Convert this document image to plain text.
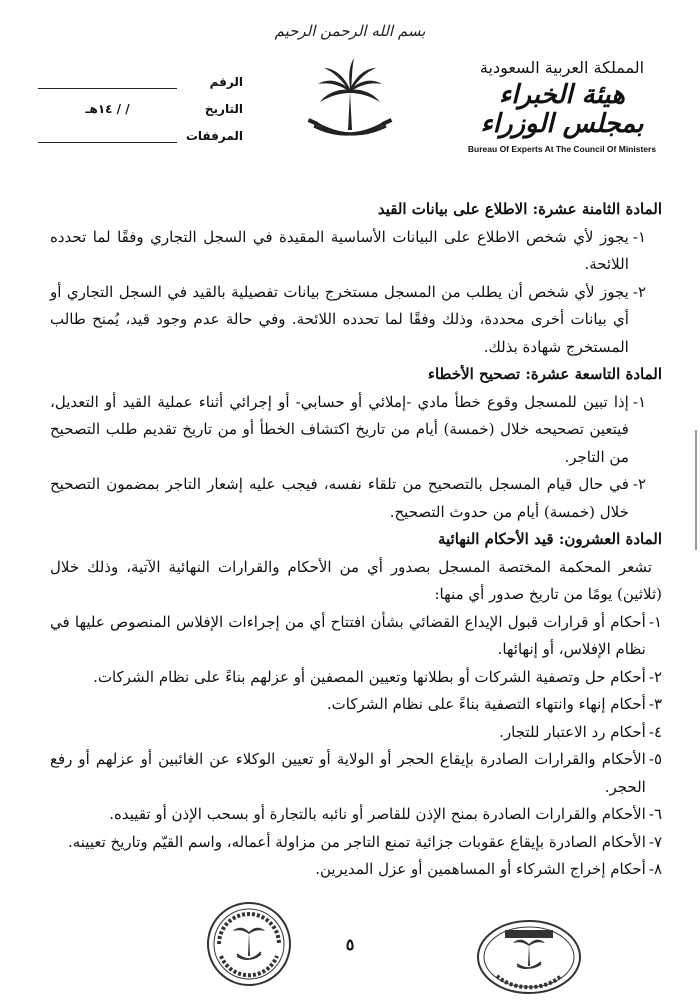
بسم الله الرحمن الرحيم
الرقم
التاريخ
/ / ١٤هـ
المرفقات
المملكة العربية السعودية
هيئة الخبراء بمجلس الوزراء
Bureau Of Experts At The Council Of Ministers

المادة الثامنة عشرة: الاطلاع على بيانات القيد

١-
يجوز لأي شخص الاطلاع على البيانات الأساسية المقيدة في السجل التجاري وفقًا لما تحدده اللائحة.
٢-
يجوز لأي شخص أن يطلب من المسجل مستخرج بيانات تفصيلية بالقيد في السجل التجاري أو أي بيانات أخرى محددة، وذلك وفقًا لما تحدده اللائحة. وفي حالة عدم وجود قيد، يُمنح طالب المستخرج شهادة بذلك.

المادة التاسعة عشرة: تصحيح الأخطاء

١-
إذا تبين للمسجل وقوع خطأ مادي -إملائي أو حسابي- أو إجرائي أثناء عملية القيد أو التعديل، فيتعين تصحيحه خلال (خمسة) أيام من تاريخ اكتشاف الخطأ أو من تاريخ تقديم طلب التصحيح من التاجر.
٢-
في حال قيام المسجل بالتصحيح من تلقاء نفسه، فيجب عليه إشعار التاجر بمضمون التصحيح خلال (خمسة) أيام من حدوث التصحيح.

المادة العشرون: قيد الأحكام النهائية

تشعر المحكمة المختصة المسجل بصدور أي من الأحكام والقرارات النهائية الآتية، وذلك خلال (ثلاثين) يومًا من تاريخ صدور أي منها:

١-
أحكام أو قرارات قبول الإيداع القضائي بشأن افتتاح أي من إجراءات الإفلاس المنصوص عليها في نظام الإفلاس، أو إنهائها.
٢-
أحكام حل وتصفية الشركات أو بطلانها وتعيين المصفين أو عزلهم بناءً على نظام الشركات.
٣-
أحكام إنهاء وانتهاء التصفية بناءً على نظام الشركات.
٤-
أحكام رد الاعتبار للتجار.
٥-
الأحكام والقرارات الصادرة بإيقاع الحجر أو الولاية أو تعيين الوكلاء عن الغائبين أو عزلهم أو رفع الحجر.
٦-
الأحكام والقرارات الصادرة بمنح الإذن للقاصر أو نائبه بالتجارة أو بسحب الإذن أو تقييده.
٧-
الأحكام الصادرة بإيقاع عقوبات جزائية تمنع التاجر من مزاولة أعماله، واسم القيّم وتاريخ تعيينه.
٨-
أحكام إخراج الشركاء أو المساهمين أو عزل المديرين.
٥
